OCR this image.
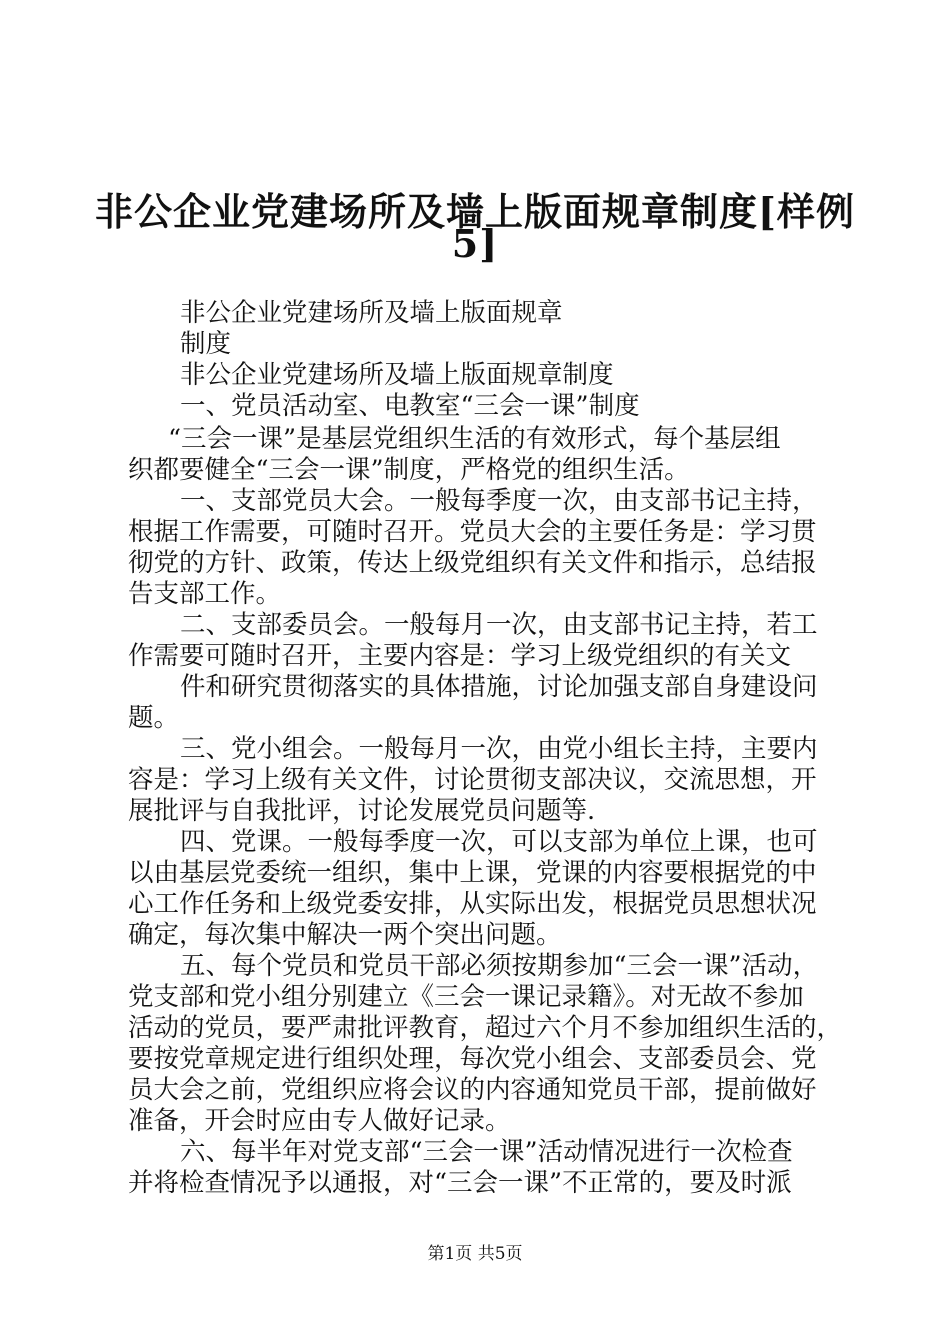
非公企业党建场所及墙上版面规章制度[样例
5]
非公企业党建场所及墙上版面规章
制度
非公企业党建场所及墙上版面规章制度
一、党员活动室、电教室“三会一课”制度
“三会一课”是基层党组织生活的有效形式，每个基层组
织都要健全“三会一课”制度，严格党的组织生活。
一、支部党员大会。一般每季度一次，由支部书记主持，
根据工作需要，可随时召开。党员大会的主要任务是：学习贯
彻党的方针、政策，传达上级党组织有关文件和指示，总结报
告支部工作。
二、支部委员会。一般每月一次，由支部书记主持，若工
作需要可随时召开，主要内容是：学习上级党组织的有关文
件和研究贯彻落实的具体措施，讨论加强支部自身建设问
题。
三、党小组会。一般每月一次，由党小组长主持，主要内
容是：学习上级有关文件，讨论贯彻支部决议，交流思想，开
展批评与自我批评，讨论发展党员问题等.
四、党课。一般每季度一次，可以支部为单位上课，也可
以由基层党委统一组织，集中上课，党课的内容要根据党的中
心工作任务和上级党委安排，从实际出发，根据党员思想状况
确定，每次集中解决一两个突出问题。
五、每个党员和党员干部必须按期参加“三会一课”活动，
党支部和党小组分别建立《三会一课记录籍》。对无故不参加
活动的党员，要严肃批评教育，超过六个月不参加组织生活的，
要按党章规定进行组织处理，每次党小组会、支部委员会、党
员大会之前，党组织应将会议的内容通知党员干部，提前做好
准备，开会时应由专人做好记录。
六、每半年对党支部“三会一课”活动情况进行一次检查
并将检查情况予以通报，对“三会一课”不正常的，要及时派
第1页 共5页
